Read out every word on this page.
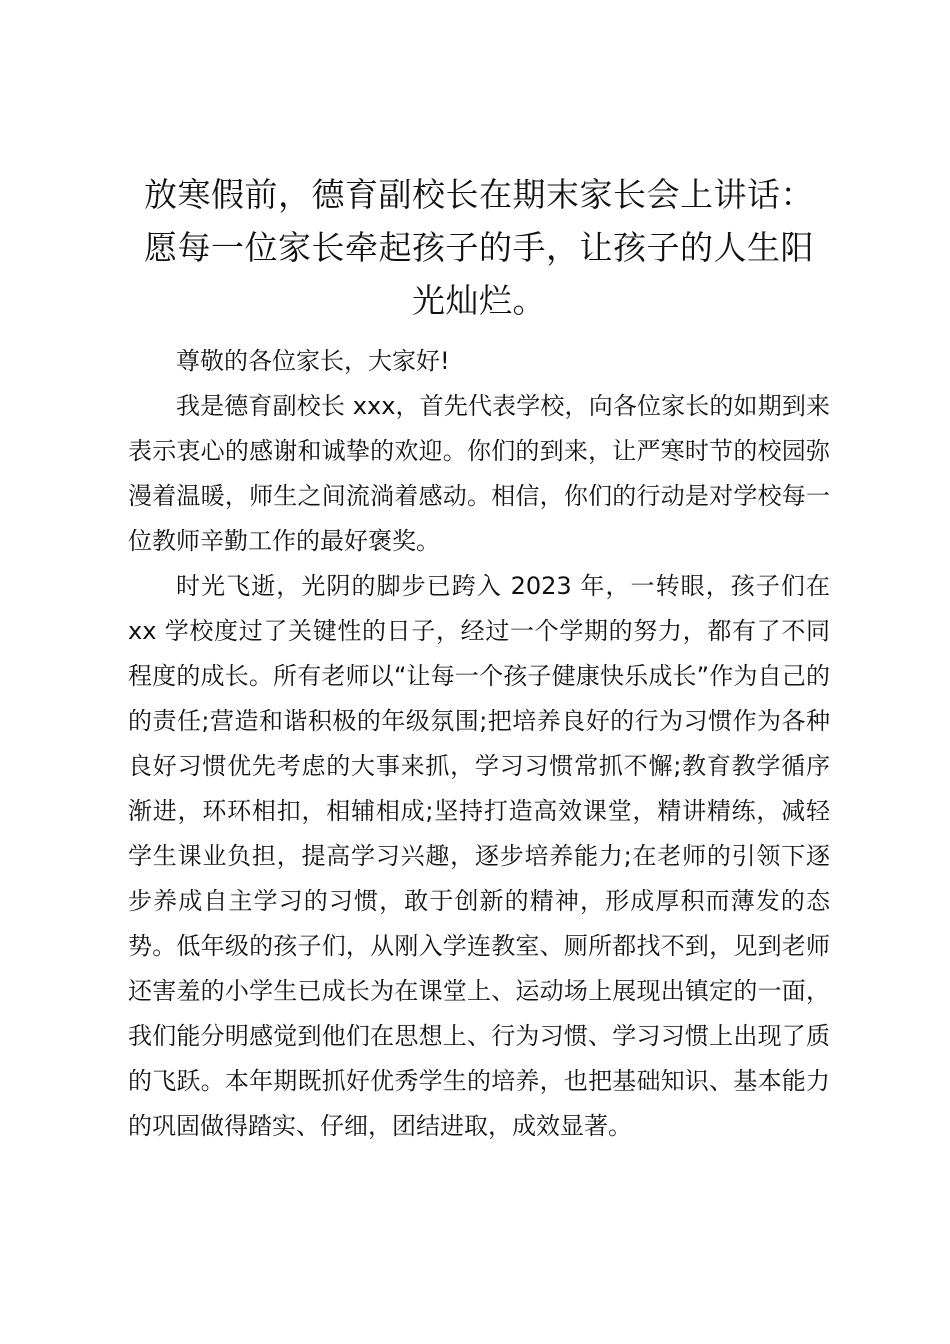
放寒假前，德育副校长在期末家长会上讲话：愿每一位家长牵起孩子的手，让孩子的人生阳光灿烂。

尊敬的各位家长，大家好!

我是德育副校长 xxx，首先代表学校，向各位家长的如期到来表示衷心的感谢和诚挚的欢迎。你们的到来，让严寒时节的校园弥漫着温暖，师生之间流淌着感动。相信，你们的行动是对学校每一位教师辛勤工作的最好褒奖。

时光飞逝，光阴的脚步已跨入 2023 年，一转眼，孩子们在 xx 学校度过了关键性的日子，经过一个学期的努力，都有了不同程度的成长。所有老师以“让每一个孩子健康快乐成长”作为自己的的责任;营造和谐积极的年级氛围;把培养良好的行为习惯作为各种良好习惯优先考虑的大事来抓，学习习惯常抓不懈;教育教学循序渐进，环环相扣，相辅相成;坚持打造高效课堂，精讲精练，减轻学生课业负担，提高学习兴趣，逐步培养能力;在老师的引领下逐步养成自主学习的习惯，敢于创新的精神，形成厚积而薄发的态势。低年级的孩子们，从刚入学连教室、厕所都找不到，见到老师还害羞的小学生已成长为在课堂上、运动场上展现出镇定的一面，我们能分明感觉到他们在思想上、行为习惯、学习习惯上出现了质的飞跃。本年期既抓好优秀学生的培养，也把基础知识、基本能力的巩固做得踏实、仔细，团结进取，成效显著。
